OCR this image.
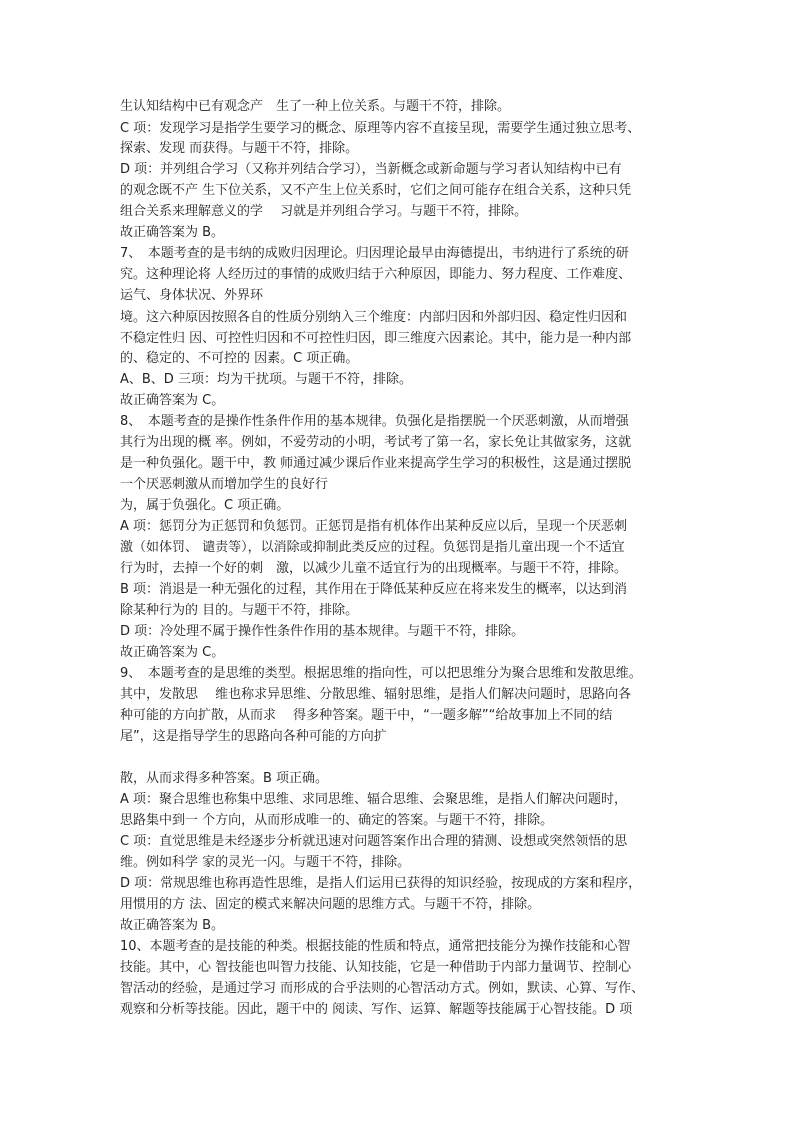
生认知结构中已有观念产　生了一种上位关系。与题干不符，排除。
C 项：发现学习是指学生要学习的概念、原理等内容不直接呈现，需要学生通过独立思考、
探索、发现 而获得。与题干不符，排除。
D 项：并列组合学习（又称并列结合学习），当新概念或新命题与学习者认知结构中已有
的观念既不产 生下位关系，又不产生上位关系时，它们之间可能存在组合关系，这种只凭
组合关系来理解意义的学　 习就是并列组合学习。与题干不符，排除。
故正确答案为 B。
7、　本题考查的是韦纳的成败归因理论。归因理论最早由海德提出，韦纳进行了系统的研
究。这种理论将 人经历过的事情的成败归结于六种原因，即能力、努力程度、工作难度、
运气、身体状况、外界环
境。这六种原因按照各自的性质分别纳入三个维度：内部归因和外部归因、稳定性归因和
不稳定性归 因、可控性归因和不可控性归因，即三维度六因素论。其中，能力是一种内部
的、稳定的、不可控的 因素。C 项正确。
A、B、D 三项：均为干扰项。与题干不符，排除。
故正确答案为 C。
8、　本题考查的是操作性条件作用的基本规律。负强化是指摆脱一个厌恶刺激，从而增强
其行为出现的概 率。例如，不爱劳动的小明，考试考了第一名，家长免让其做家务，这就
是一种负强化。题干中，教 师通过减少课后作业来提高学生学习的积极性，这是通过摆脱
一个厌恶刺激从而增加学生的良好行
为，属于负强化。C 项正确。
A 项：惩罚分为正惩罚和负惩罚。正惩罚是指有机体作出某种反应以后，呈现一个厌恶刺
激（如体罚、 谴责等），以消除或抑制此类反应的过程。负惩罚是指儿童出现一个不适宜
行为时，去掉一个好的刺　激，以减少儿童不适宜行为的出现概率。与题干不符，排除。
B 项：消退是一种无强化的过程，其作用在于降低某种反应在将来发生的概率，以达到消
除某种行为的 目的。与题干不符，排除。
D 项：冷处理不属于操作性条件作用的基本规律。与题干不符，排除。
故正确答案为 C。
9、　本题考查的是思维的类型。根据思维的指向性，可以把思维分为聚合思维和发散思维。
其中，发散思　 维也称求异思维、分散思维、辐射思维，是指人们解决问题时，思路向各
种可能的方向扩散，从而求　 得多种答案。题干中，“一题多解”“给故事加上不同的结
尾”，这是指导学生的思路向各种可能的方向扩
散，从而求得多种答案。B 项正确。
A 项：聚合思维也称集中思维、求同思维、辐合思维、会聚思维，是指人们解决问题时，
思路集中到一 个方向，从而形成唯一的、确定的答案。与题干不符，排除。
C 项：直觉思维是未经逐步分析就迅速对问题答案作出合理的猜测、设想或突然领悟的思
维。例如科学 家的灵光一闪。与题干不符，排除。
D 项：常规思维也称再造性思维，是指人们运用已获得的知识经验，按现成的方案和程序，
用惯用的方 法、固定的模式来解决问题的思维方式。与题干不符，排除。
故正确答案为 B。
10、本题考查的是技能的种类。根据技能的性质和特点，通常把技能分为操作技能和心智
技能。其中，心 智技能也叫智力技能、认知技能，它是一种借助于内部力量调节、控制心
智活动的经验，是通过学习 而形成的合乎法则的心智活动方式。例如，默读、心算、写作、
观察和分析等技能。因此，题干中的 阅读、写作、运算、解题等技能属于心智技能。D 项
